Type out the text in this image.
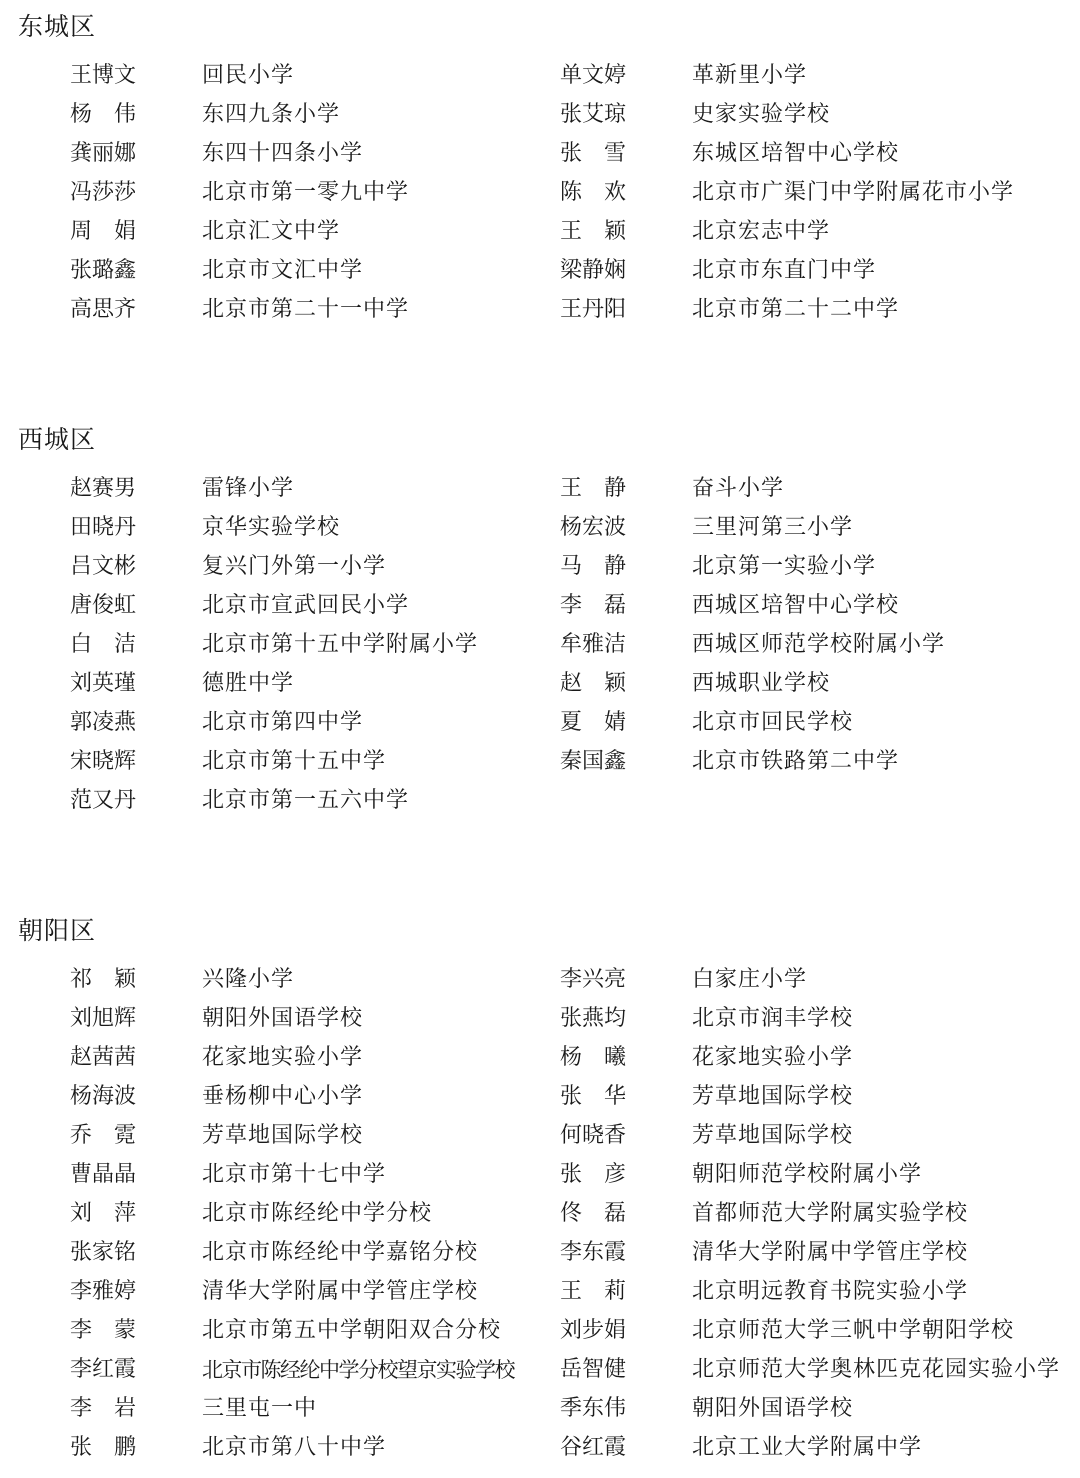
东城区
王博文	回民小学	单文婷	革新里小学
杨　伟	东四九条小学	张艾琼	史家实验学校
龚丽娜	东四十四条小学	张　雪	东城区培智中心学校
冯莎莎	北京市第一零九中学	陈　欢	北京市广渠门中学附属花市小学
周　娟	北京汇文中学	王　颖	北京宏志中学
张璐鑫	北京市文汇中学	梁静娴	北京市东直门中学
高思齐	北京市第二十一中学	王丹阳	北京市第二十二中学
西城区
赵赛男	雷锋小学	王　静	奋斗小学
田晓丹	京华实验学校	杨宏波	三里河第三小学
吕文彬	复兴门外第一小学	马　静	北京第一实验小学
唐俊虹	北京市宣武回民小学	李　磊	西城区培智中心学校
白　洁	北京市第十五中学附属小学	牟雅洁	西城区师范学校附属小学
刘英瑾	德胜中学	赵　颖	西城职业学校
郭凌燕	北京市第四中学	夏　婧	北京市回民学校
宋晓辉	北京市第十五中学	秦国鑫	北京市铁路第二中学
范又丹	北京市第一五六中学
朝阳区
祁　颖	兴隆小学	李兴亮	白家庄小学
刘旭辉	朝阳外国语学校	张燕均	北京市润丰学校
赵茜茜	花家地实验小学	杨　曦	花家地实验小学
杨海波	垂杨柳中心小学	张　华	芳草地国际学校
乔　霓	芳草地国际学校	何晓香	芳草地国际学校
曹晶晶	北京市第十七中学	张　彦	朝阳师范学校附属小学
刘　萍	北京市陈经纶中学分校	佟　磊	首都师范大学附属实验学校
张家铭	北京市陈经纶中学嘉铭分校	李东霞	清华大学附属中学管庄学校
李雅婷	清华大学附属中学管庄学校	王　莉	北京明远教育书院实验小学
李　蒙	北京市第五中学朝阳双合分校	刘步娟	北京师范大学三帆中学朝阳学校
李红霞	北京市陈经纶中学分校望京实验学校	岳智健	北京师范大学奥林匹克花园实验小学
李　岩	三里屯一中	季东伟	朝阳外国语学校
张　鹏	北京市第八十中学	谷红霞	北京工业大学附属中学
